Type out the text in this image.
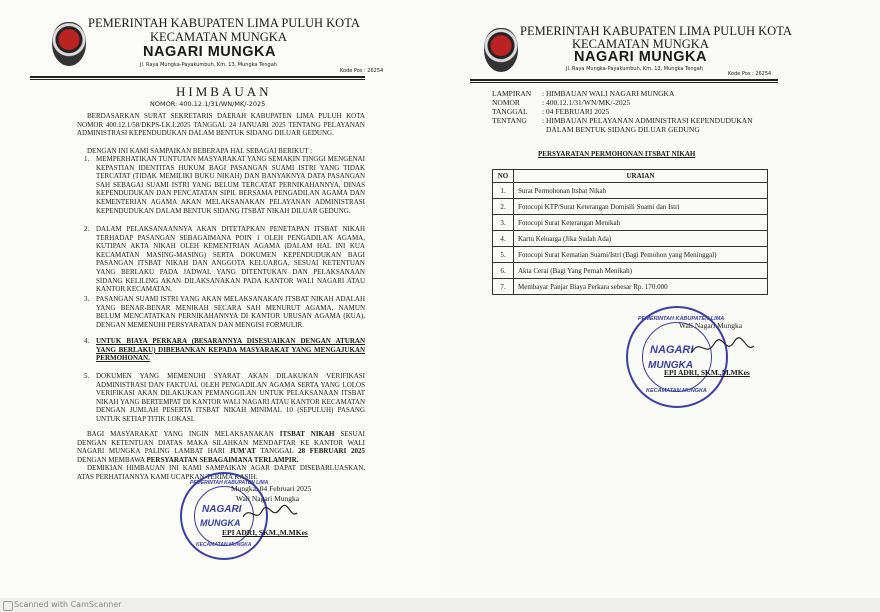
PEMERINTAH KABUPATEN LIMA PULUH KOTA
KECAMATAN MUNGKA
NAGARI MUNGKA
Jl. Raya Mungka-Payakumbuh, Km. 13, Mungka Tengah
Kode Pos : 26254
HIMBAUAN
NOMOR: 400.12.1/31/WN/MK/-2025
BERDASARKAN SURAT SEKRETARIS DAERAH KABUPATEN LIMA PULUH KOTA NOMOR 400.12.1/58/DKPS-LK.I.2025 TANGGAL 24 JANUARI 2025 TENTANG PELAYANAN ADMINISTRASI KEPENDUDUKAN DALAM BENTUK SIDANG DILUAR GEDUNG.
DENGAN INI KAMI SAMPAIKAN BEBERAPA HAL SEBAGAI BERIKUT :
1. MEMPERHATIKAN TUNTUTAN MASYARAKAT YANG SEMAKIN TINGGI MENGENAI KEPASTIAN IDENTITAS HUKUM BAGI PASANGAN SUAMI ISTRI YANG TIDAK TERCATAT (TIDAK MEMILIKI BUKU NIKAH) DAN BANYAKNYA DATA PASANGAN SAH SEBAGAI SUAMI ISTRI YANG BELUM TERCATAT PERNIKAHANNYA, DINAS KEPENDUDUKAN DAN PENCATATAN SIPIL BERSAMA PENGADILAN AGAMA DAN KEMENTERIAN AGAMA AKAN MELAKSANAKAN PELAYANAN ADMINISTRASI KEPENDUDUKAN DALAM BENTUK SIDANG ITSBAT NIKAH DILUAR GEDUNG.
2. DALAM PELAKSANAANNYA AKAN DITETAPKAN PENETAPAN ITSBAT NIKAH TERHADAP PASANGAN SEBAGAIMANA POIN 1 OLEH PENGADILAN AGAMA, KUTIPAN AKTA NIKAH OLEH KEMENTRIAN AGAMA (DALAM HAL INI KUA KECAMATAN MASING-MASING) SERTA DOKUMEN KEPENDUDUKAN BAGI PASANGAN ITSBAT NIKAH DAN ANGGOTA KELUARGA, SESUAI KETENTUAN YANG BERLAKU PADA JADWAL YANG DITENTUKAN DAN PELAKSANAAN SIDANG KELILING AKAN DILAKSANAKAN PADA KANTOR WALI NAGARI ATAU KANTOR KECAMATAN.
3. PASANGAN SUAMI ISTRI YANG AKAN MELAKSANAKAN ITSBAT NIKAH ADALAH YANG BENAR-BENAR MENIKAH SECARA SAH MENURUT AGAMA, NAMUN BELUM MENCATATKAN PERNIKAHANNYA DI KANTOR URUSAN AGAMA (KUA), DENGAN MEMENUHI PERSYARATAN DAN MENGISI FORMULIR.
4. UNTUK BIAYA PERKARA (BESARANNYA DISESUAIKAN DENGAN ATURAN YANG BERLAKU) DIBEBANKAN KEPADA MASYARAKAT YANG MENGAJUKAN PERMOHONAN.
5. DOKUMEN YANG MEMENUHI SYARAT AKAN DILAKUKAN VERIFIKASI ADMINISTRASI DAN FAKTUAL OLEH PENGADILAN AGAMA SERTA YANG LOLOS VERIFIKASI AKAN DILAKUKAN PEMANGGILAN UNTUK PELAKSANAAN ITSBAT NIKAH YANG BERTEMPAT DI KANTOR WALI NAGARI ATAU KANTOR KECAMATAN DENGAN JUMLAH PESERTA ITSBAT NIKAH MINIMAL 10 (SEPULUH) PASANG UNTUK SETIAP TITIK LOKASI.
BAGI MASYARAKAT YANG INGIN MELAKSANAKAN ITSBAT NIKAH SESUAI DENGAN KETENTUAN DIATAS MAKA SILAHKAN MENDAFTAR KE KANTOR WALI NAGARI MUNGKA PALING LAMBAT HARI JUM'AT TANGGAL 28 FEBRUARI 2025 DENGAN MEMBAWA PERSYARATAN SEBAGAIMANA TERLAMPIR.
DEMIKIAN HIMBAUAN INI KAMI SAMPAIKAN AGAR DAPAT DISEBARLUASKAN, ATAS PERHATIANNYA KAMI UCAPKAN TERIMA KASIH.
PEMERINTAH KABUPATEN LIMA
NAGARI
MUNGKA
KECAMATAN MUNGKA
Mungka, 04 Februari 2025
Wali Nagari Mungka
EPI ADRI, SKM.,M.MKes
PEMERINTAH KABUPATEN LIMA PULUH KOTA
KECAMATAN MUNGKA
NAGARI MUNGKA
Jl. Raya Mungka-Payakumbuh, Km. 13, Mungka Tengah
Kode Pos : 26254
LAMPIRAN : HIMBAUAN WALI NAGARI MUNGKA
NOMOR	: 400.12.1/31/WN/MK/-2025
TANGGAL : 04 FEBRUARI 2025
TENTANG : HIMBAUAN PELAYANAN ADMINISTRASI KEPENDUDUKAN
DALAM BENTUK SIDANG DILUAR GEDUNG
PERSYARATAN PERMOHONAN ITSBAT NIKAH
NO	URAIAN
1.	Surat Permohonan Itsbat Nikah
2.	Fotocopi KTP/Surat Keterangan Domisili Suami dan Istri
3.	Fotocopi Surat Keterangan Menikah
4.	Kartu Keluarga (Jika Sudah Ada)
5.	Fotocopi Surat Kematian Suami/Istri (Bagi Pemohon yang Meninggal)
6.	Akta Cerai (Bagi Yang Pernah Menikah)
7.	Membayar Panjar Biaya Perkara sebesar Rp. 170.000
PEMERINTAH KABUPATEN LIMA
NAGARI
MUNGKA
KECAMATAN MUNGKA
Wali Nagari Mungka
EPI ADRI, SKM.,M.MKes
Scanned with CamScanner
